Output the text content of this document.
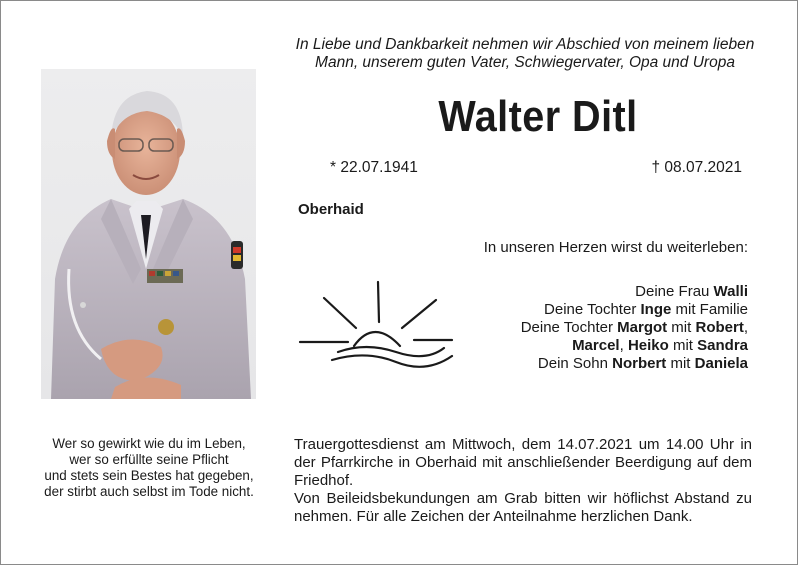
In Liebe und Dankbarkeit nehmen wir Abschied von meinem lieben Mann, unserem guten Vater, Schwiegervater, Opa und Uropa
Walter Ditl
* 22.07.1941	† 08.07.2021
Oberhaid
In unseren Herzen wirst du weiterleben:
Deine Frau Walli
Deine Tochter Inge mit Familie
Deine Tochter Margot mit Robert,
Marcel, Heiko mit Sandra
Dein Sohn Norbert mit Daniela
Wer so gewirkt wie du im Leben,
wer so erfüllte seine Pflicht
und stets sein Bestes hat gegeben,
der stirbt auch selbst im Tode nicht.

Trauergottesdienst am Mittwoch, dem 14.07.2021 um 14.00 Uhr in der Pfarrkirche in Oberhaid mit anschließender Beerdigung auf dem Friedhof.

Von Beileidsbekundungen am Grab bitten wir höflichst Abstand zu nehmen. Für alle Zeichen der Anteilnahme herzlichen Dank.
